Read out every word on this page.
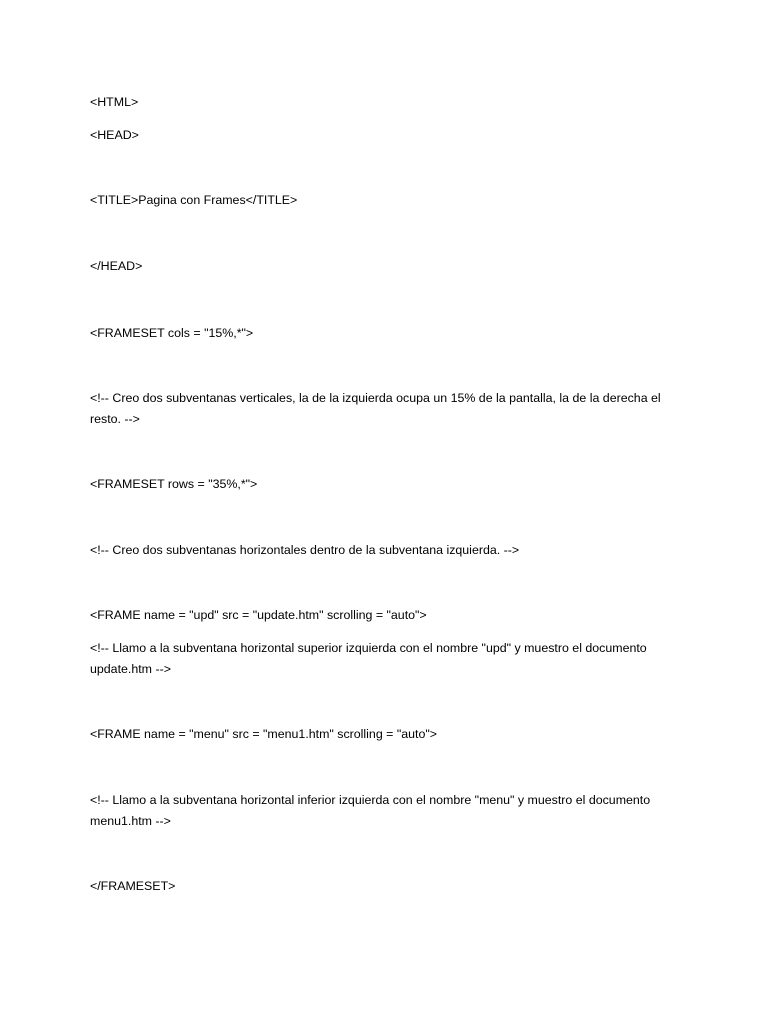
<HTML>

<HEAD>

<TITLE>Pagina con Frames</TITLE>

</HEAD>

<FRAMESET cols = "15%,*">

<!-- Creo dos subventanas verticales, la de la izquierda ocupa un 15% de la pantalla, la de la derecha el resto. -->

<FRAMESET rows = "35%,*">

<!-- Creo dos subventanas horizontales dentro de la subventana izquierda. -->

<FRAME name = "upd" src = "update.htm" scrolling = "auto">

<!-- Llamo a la subventana horizontal superior izquierda con el nombre "upd" y muestro el documento update.htm -->

<FRAME name = "menu" src = "menu1.htm" scrolling = "auto">

<!-- Llamo a la subventana horizontal inferior izquierda con el nombre "menu" y muestro el documento menu1.htm -->

</FRAMESET>
